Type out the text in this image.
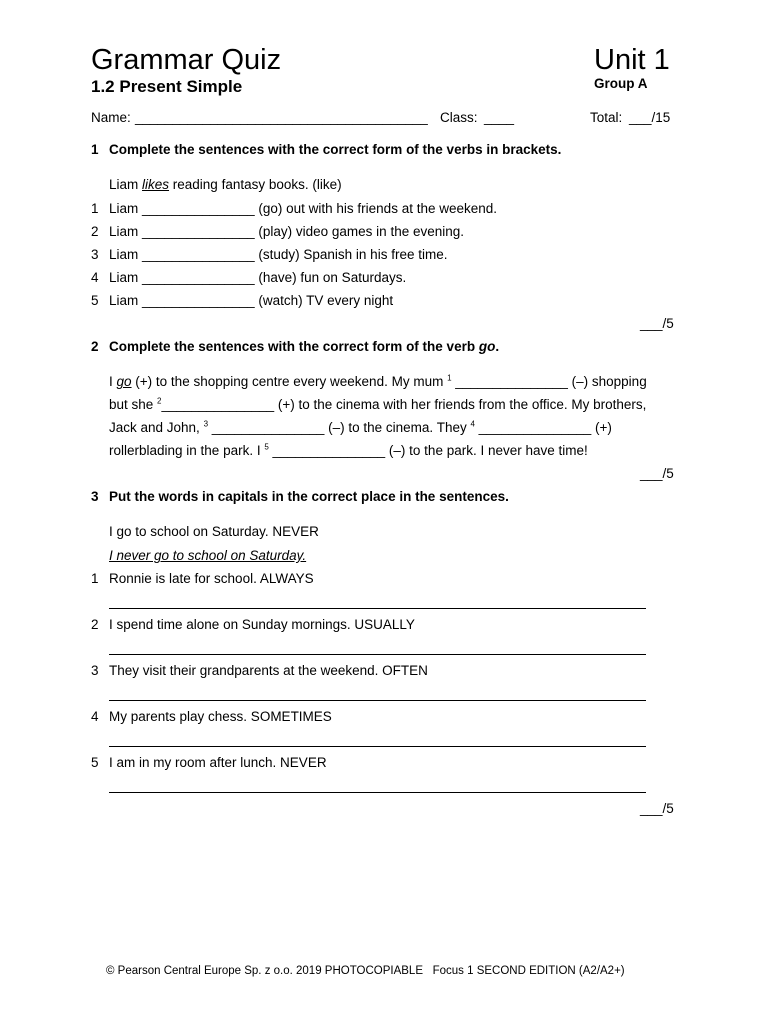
Grammar Quiz	Unit 1
1.2 Present Simple	Group A
Name: _______________________________________ Class: ____	Total: ___/15
1 Complete the sentences with the correct form of the verbs in brackets.
Liam likes reading fantasy books. (like)
1 Liam _______________ (go) out with his friends at the weekend.
2 Liam _______________ (play) video games in the evening.
3 Liam _______________ (study) Spanish in his free time.
4 Liam _______________ (have) fun on Saturdays.
5 Liam _______________ (watch) TV every night
___/5
2 Complete the sentences with the correct form of the verb go.
I go (+) to the shopping centre every weekend. My mum $^1$ _______________ (–) shopping
but she $^2$_______________ (+) to the cinema with her friends from the office. My brothers,
Jack and John, $^3$ _______________ (–) to the cinema. They $^4$ _______________ (+)
rollerblading in the park. I $^5$ _______________ (–) to the park. I never have time!
___/5
3 Put the words in capitals in the correct place in the sentences.
I go to school on Saturday. NEVER
I never go to school on Saturday.
1 Ronnie is late for school. ALWAYS
2 I spend time alone on Sunday mornings. USUALLY
3 They visit their grandparents at the weekend. OFTEN
4 My parents play chess. SOMETIMES
5 I am in my room after lunch. NEVER
___/5
© Pearson Central Europe Sp. z o.o. 2019 PHOTOCOPIABLE   Focus 1 SECOND EDITION (A2/A2+)
